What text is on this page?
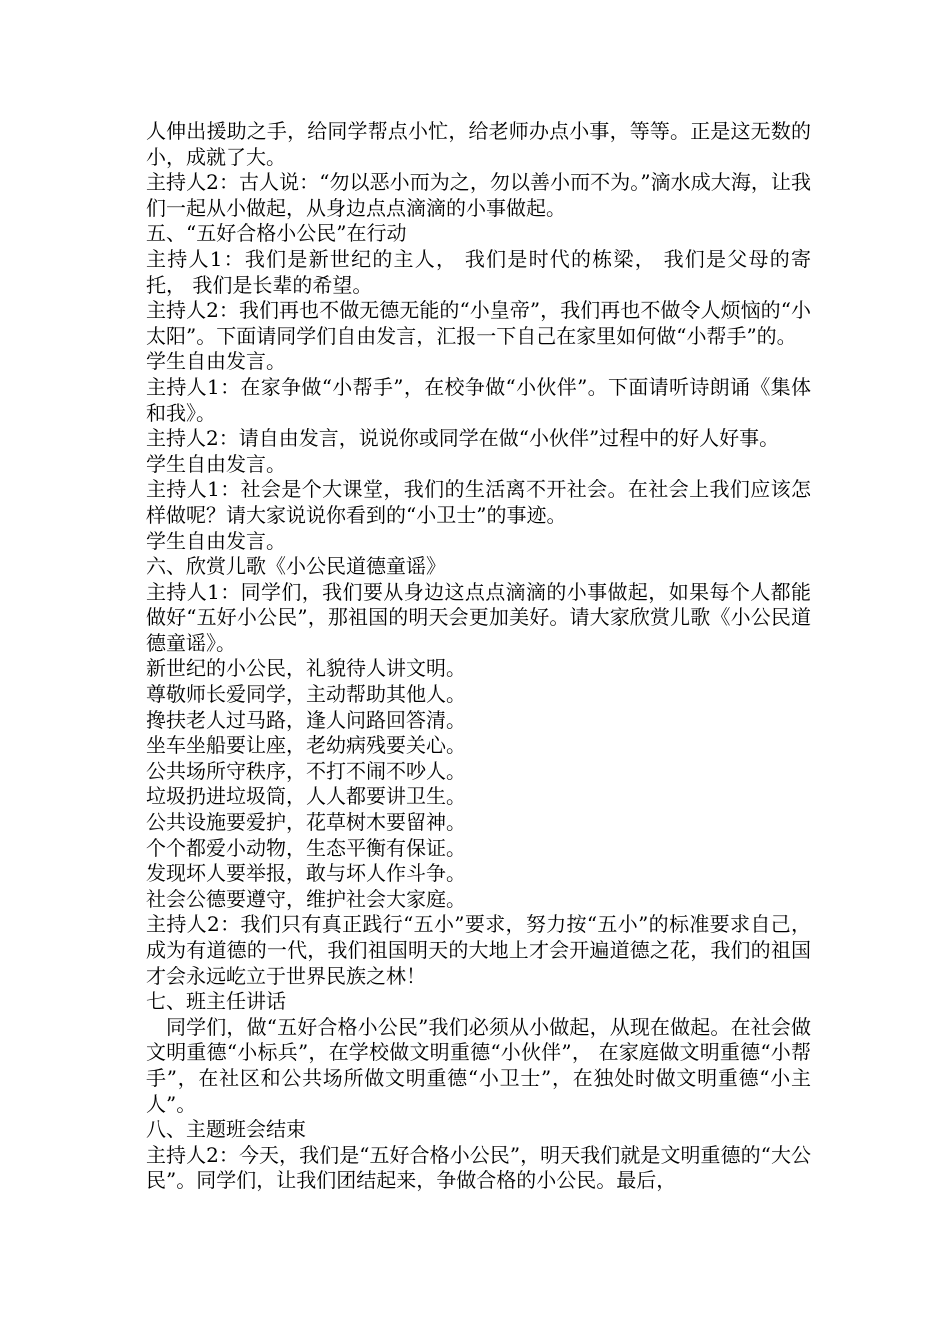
人伸出援助之手，给同学帮点小忙，给老师办点小事，等等。正是这无数的小，成就了大。

主持人2：古人说：“勿以恶小而为之，勿以善小而不为。”滴水成大海，让我们一起从小做起，从身边点点滴滴的小事做起。

五、“五好合格小公民”在行动

主持人1：我们是新世纪的主人， 我们是时代的栋梁， 我们是父母的寄托， 我们是长辈的希望。

主持人2：我们再也不做无德无能的“小皇帝”，我们再也不做令人烦恼的“小太阳”。下面请同学们自由发言，汇报一下自己在家里如何做“小帮手”的。

学生自由发言。

主持人1：在家争做“小帮手”，在校争做“小伙伴”。下面请听诗朗诵《集体和我》。

主持人2：请自由发言，说说你或同学在做“小伙伴”过程中的好人好事。

学生自由发言。

主持人1：社会是个大课堂，我们的生活离不开社会。在社会上我们应该怎样做呢？请大家说说你看到的“小卫士”的事迹。

学生自由发言。

六、欣赏儿歌《小公民道德童谣》

主持人1：同学们，我们要从身边这点点滴滴的小事做起，如果每个人都能做好“五好小公民”，那祖国的明天会更加美好。请大家欣赏儿歌《小公民道德童谣》。

新世纪的小公民，礼貌待人讲文明。

尊敬师长爱同学，主动帮助其他人。

搀扶老人过马路，逢人问路回答清。

坐车坐船要让座，老幼病残要关心。

公共场所守秩序，不打不闹不吵人。

垃圾扔进垃圾筒，人人都要讲卫生。

公共设施要爱护，花草树木要留神。

个个都爱小动物，生态平衡有保证。

发现坏人要举报，敢与坏人作斗争。

社会公德要遵守，维护社会大家庭。

主持人2：我们只有真正践行“五小”要求，努力按“五小”的标准要求自己，成为有道德的一代，我们祖国明天的大地上才会开遍道德之花，我们的祖国才会永远屹立于世界民族之林！

七、班主任讲话

同学们，做“五好合格小公民”我们必须从小做起，从现在做起。在社会做文明重德“小标兵”，在学校做文明重德“小伙伴”， 在家庭做文明重德“小帮手”，在社区和公共场所做文明重德“小卫士”，在独处时做文明重德“小主人”。

八、主题班会结束

主持人2：今天，我们是“五好合格小公民”，明天我们就是文明重德的“大公民”。同学们，让我们团结起来，争做合格的小公民。最后，
